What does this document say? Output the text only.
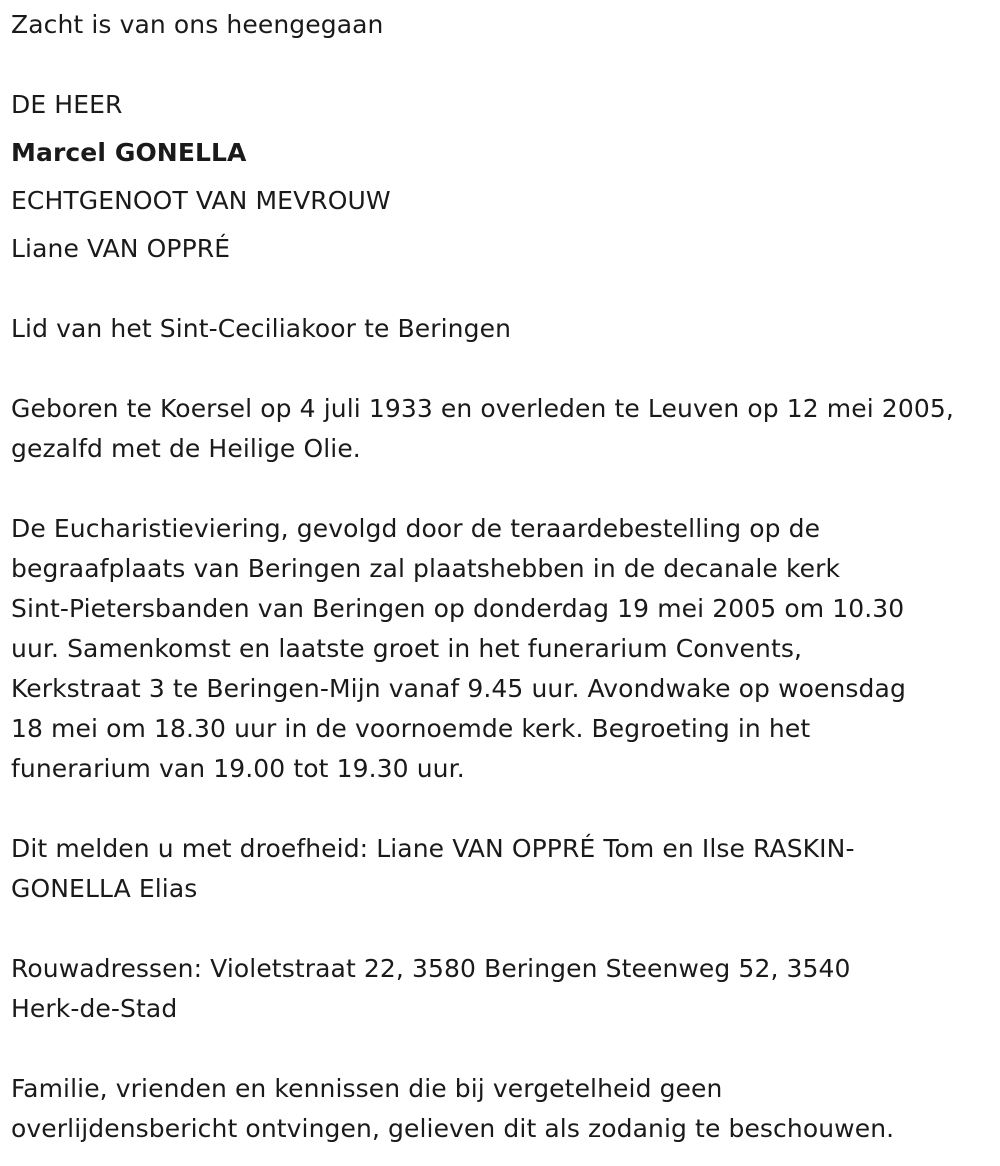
Zacht is van ons heengegaan
DE HEER
Marcel GONELLA
ECHTGENOOT VAN MEVROUW
Liane VAN OPPRÉ
Lid van het Sint-Ceciliakoor te Beringen
Geboren te Koersel op 4 juli 1933 en overleden te Leuven op 12 mei 2005,
gezalfd met de Heilige Olie.
De Eucharistieviering, gevolgd door de teraardebestelling op de
begraafplaats van Beringen zal plaatshebben in de decanale kerk
Sint-Pietersbanden van Beringen op donderdag 19 mei 2005 om 10.30
uur. Samenkomst en laatste groet in het funerarium Convents,
Kerkstraat 3 te Beringen-Mijn vanaf 9.45 uur. Avondwake op woensdag
18 mei om 18.30 uur in de voornoemde kerk. Begroeting in het
funerarium van 19.00 tot 19.30 uur.
Dit melden u met droefheid: Liane VAN OPPRÉ Tom en Ilse RASKIN-
GONELLA Elias
Rouwadressen: Violetstraat 22, 3580 Beringen Steenweg 52, 3540
Herk-de-Stad
Familie, vrienden en kennissen die bij vergetelheid geen
overlijdensbericht ontvingen, gelieven dit als zodanig te beschouwen.
